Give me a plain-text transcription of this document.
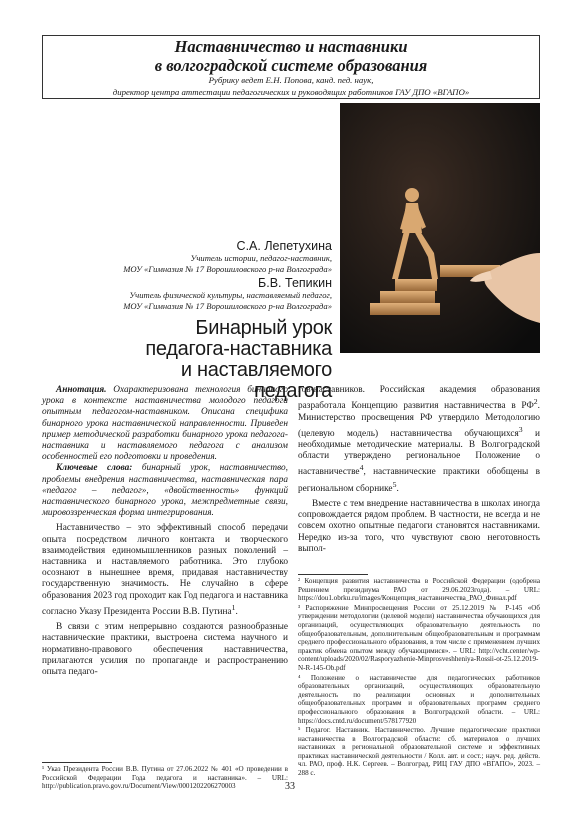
Наставничество и наставники
в волгоградской системе образования
Рубрику ведет Е.Н. Попова, канд. пед. наук,
директор центра аттестации педагогических и руководящих работников ГАУ ДПО «ВГАПО»
С.А. Лепетухина
Учитель истории, педагог-наставник,
МОУ «Гимназия № 17 Ворошиловского р-на Волгограда»
Б.В. Тепикин
Учитель физической культуры, наставляемый педагог,
МОУ «Гимназия № 17 Ворошиловского р-на Волгограда»
Бинарный урок
педагога-наставника
и наставляемого педагога

Аннотация. Охарактеризована технология бинарного урока в контексте наставничества молодого педагога опытным педагогом-наставником. Описана специфика бинарного урока наставнической направленности. Приведен пример методической разработки бинарного урока педагога-наставника и наставляемого педагога с анализом особенностей его подготовки и проведения.

Ключевые слова: бинарный урок, наставничество, проблемы внедрения наставничества, наставническая пара «педагог – педагог», «двойственность» функций наставнического бинарного урока, межпредметные связи, мировоззренческая форма интегрирования.

Наставничество – это эффективный способ передачи опыта посредством личного контакта и творческого взаимодействия единомышленников разных поколений – наставника и наставляемого работника. Это глубоко осознают в нынешнее время, придавая наставничеству государственную значимость. Не случайно в сфере образования 2023 год проходит как Год педагога и наставника согласно Указу Президента России В.В. Путина$^1$.

В связи с этим непрерывно создаются разнообразные наставнические практики, выстроена система научного и нормативно-правового обеспечения наставничества, прилагаются усилия по пропаганде и распространению опыта педаго-

гов-наставников. Российская академия образования разработала Концепцию развития наставничества в $РФ^2$. Министерство просвещения РФ утвердило Методологию (целевую модель) наставничества обучающихся$^3$ и необходимые методические материалы. В Волгоградской области утверждено региональное Положение о наставничестве$^4$, наставнические практики обобщены в региональном сборнике$^5$.

Вместе с тем внедрение наставничества в школах иногда сопровождается рядом проблем. В частности, не всегда и не совсем охотно опытные педагоги становятся наставниками. Нередко из-за того, что чувствуют свою неготовность выпол-

² Концепция развития наставничества в Российской Федерации (одобрена Решением президиума РАО от 29.06.2023года). – URL: https://dou1.obrku.ru/images/Концепция_наставничества_РАО_Финал.pdf

³ Распоряжение Минпросвещения России от 25.12.2019 № Р-145 «Об утверждении методологии (целевой модели) наставничества обучающихся для организаций, осуществляющих образовательную деятельность по общеобразовательным, дополнительным общеобразовательным и программам среднего профессионального образования, в том числе с применением лучших практик обмена опытом между обучающимися». – URL: http://vcht.center/wp-content/uploads/2020/02/Rasporyazhenie-Minprosveshheniya-Rossii-ot-25.12.2019-N-R-145-Ob.pdf

⁴ Положение о наставничестве для педагогических работников образовательных организаций, осуществляющих образовательную деятельность по реализации основных и дополнительных общеобразовательных программ и образовательных программ среднего профессионального образования в Волгоградской области. – URL: https://docs.cntd.ru/document/578177920

⁵ Педагог. Наставник. Наставничество. Лучшие педагогические практики наставничества в Волгоградской области: сб. материалов о лучших наставниках в региональной образовательной системе и эффективных практиках наставнической деятельности / Колл. авт. и сост.; науч. ред. действ. чл. РАО, проф. Н.К. Сергеев. – Волгоград, РИЦ ГАУ ДПО «ВГАПО», 2023. – 288 с.

¹ Указ Президента России В.В. Путина от 27.06.2022 № 401 «О проведении в Российской Федерации Года педагога и наставника». – URL: http://publication.pravo.gov.ru/Document/View/0001202206270003	33
